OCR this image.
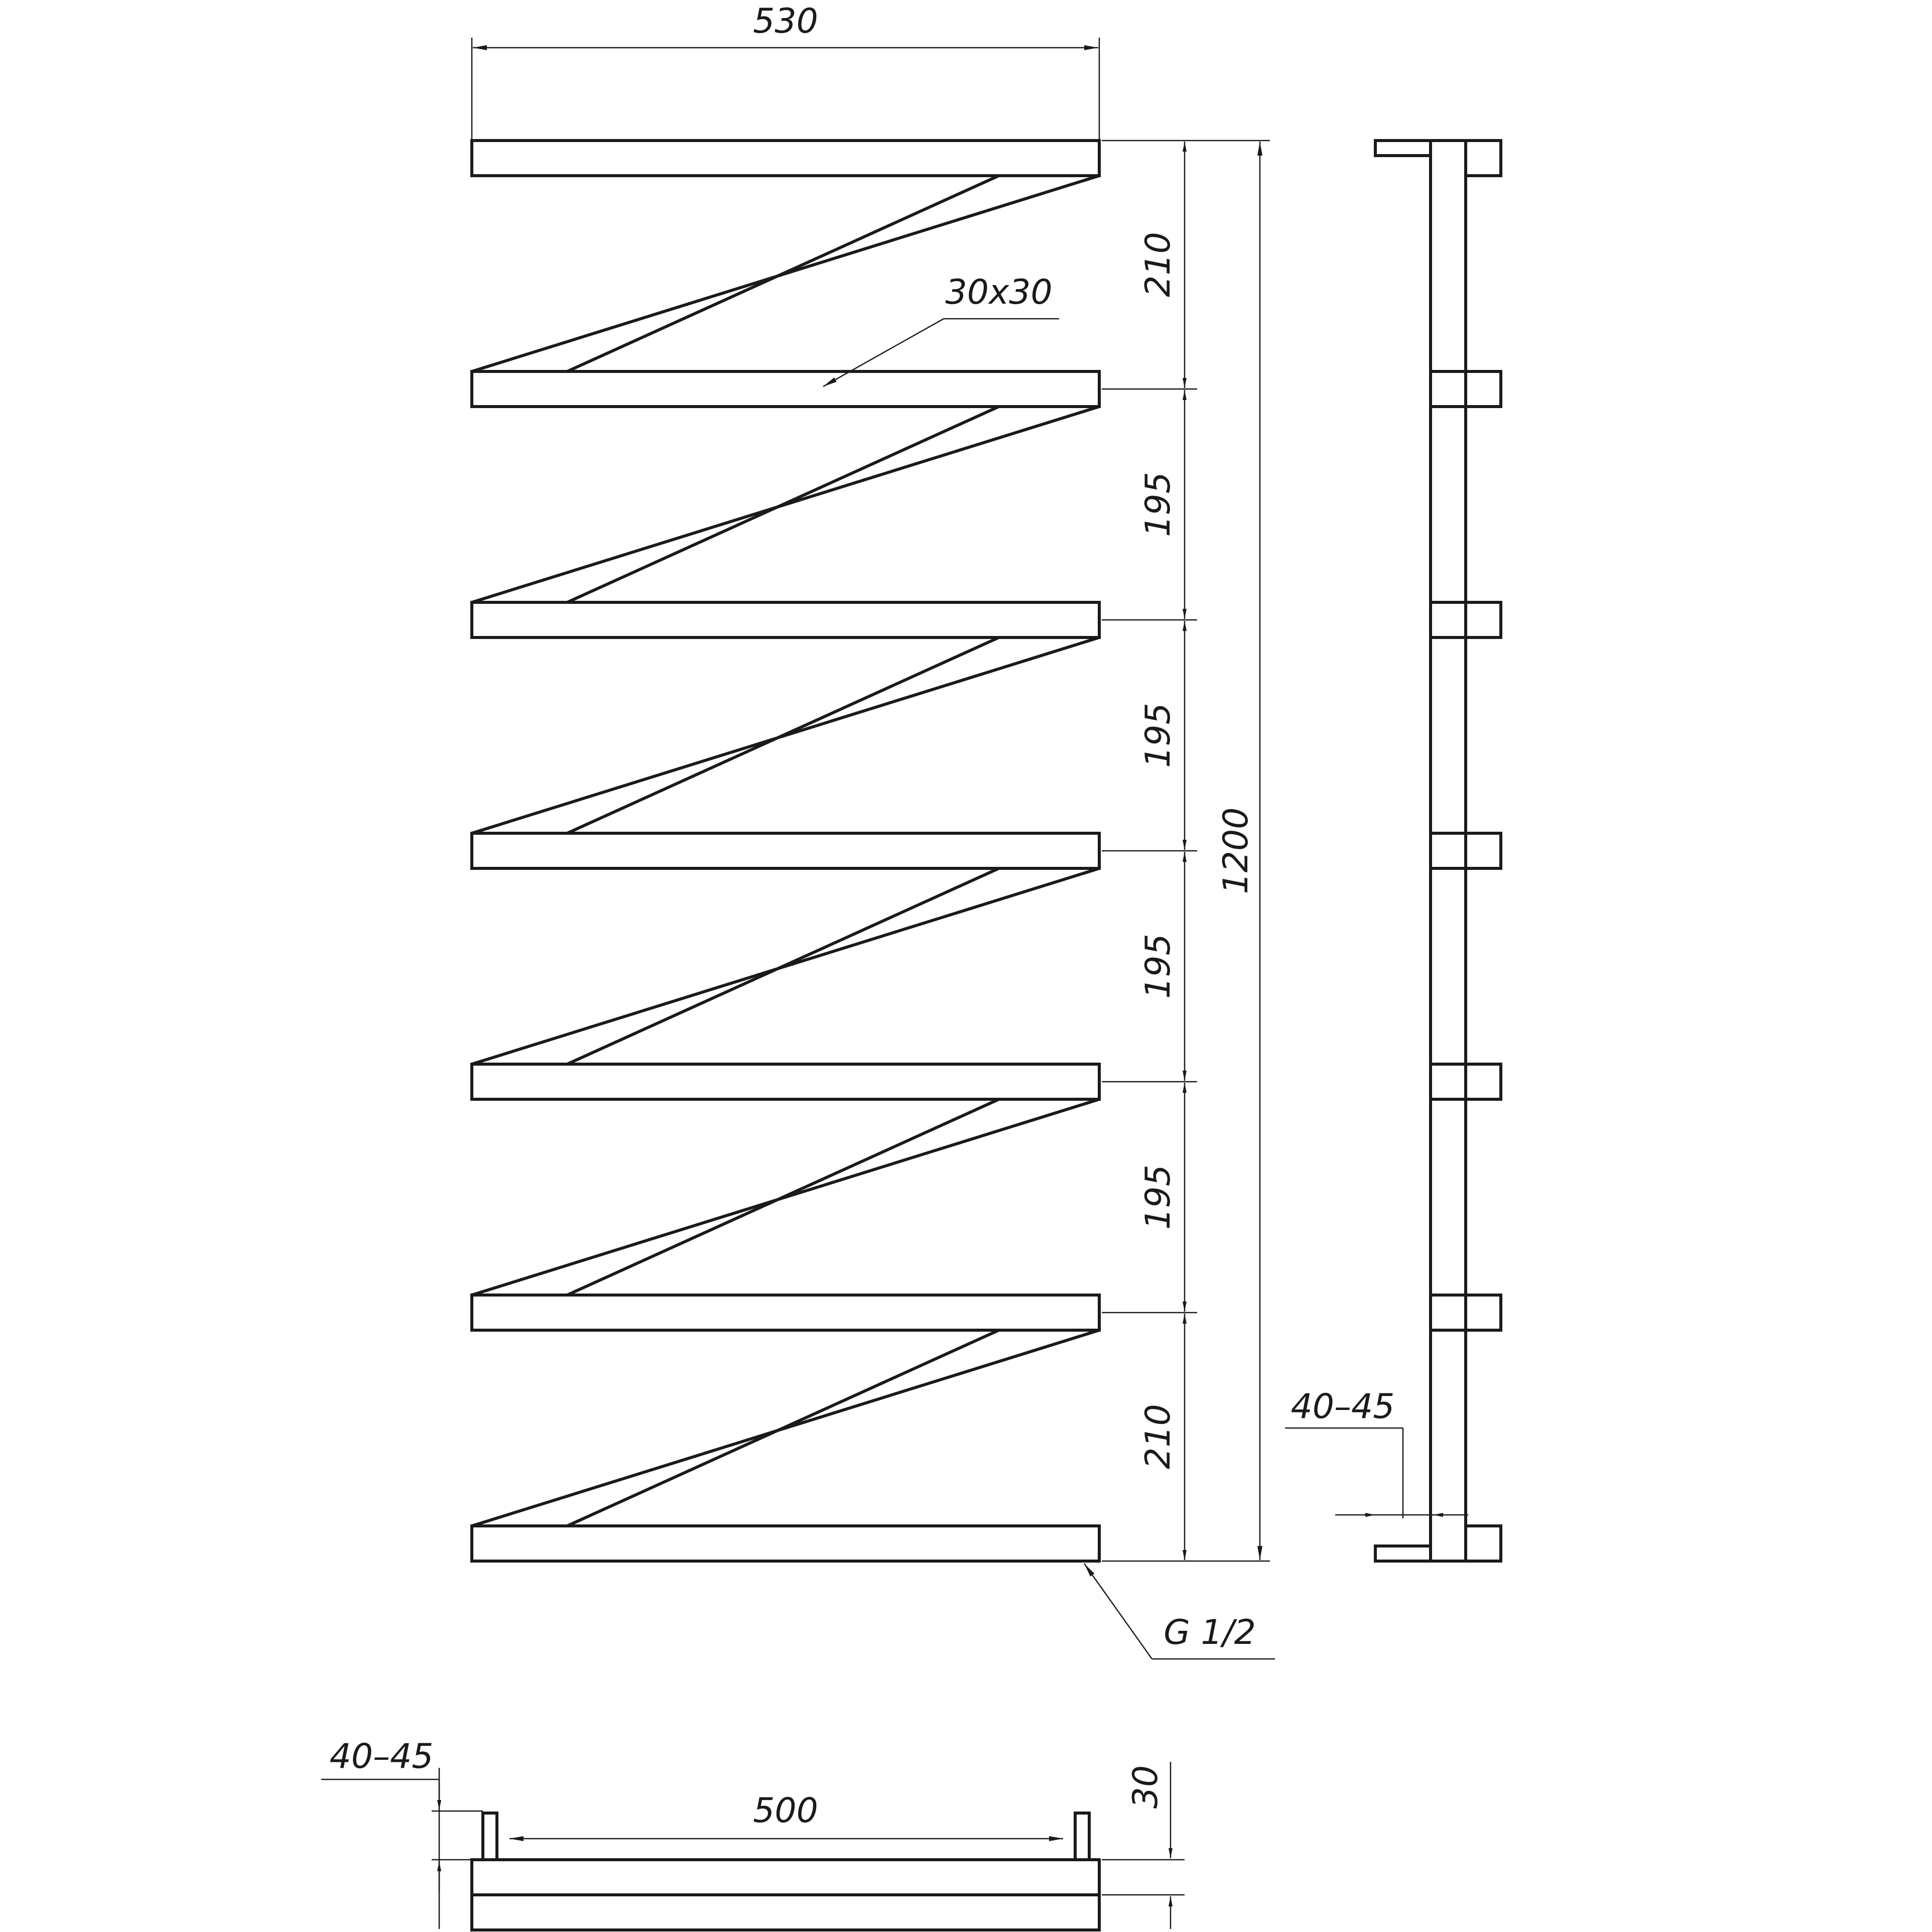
530
210
195
195
195
195
210
1200
30x30
G 1/2
40–45
500
40–45
30
